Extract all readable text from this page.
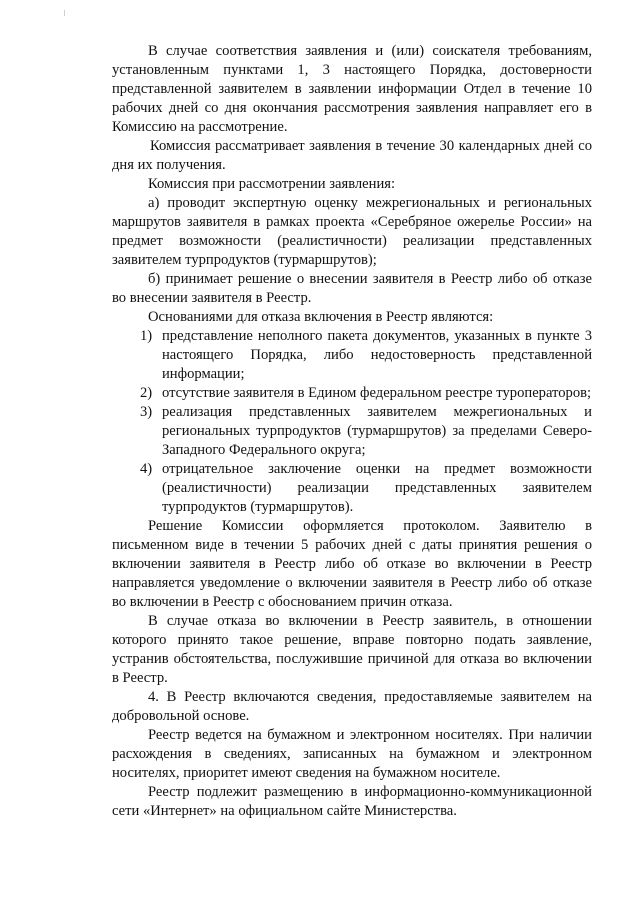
В случае соответствия заявления и (или) соискателя требованиям, установленным пунктами 1, 3 настоящего Порядка, достоверности представленной заявителем в заявлении информации Отдел в течение 10 рабочих дней со дня окончания рассмотрения заявления направляет его в Комиссию на рассмотрение.

Комиссия рассматривает заявления в течение 30 календарных дней со дня их получения.

Комиссия при рассмотрении заявления:

а) проводит экспертную оценку межрегиональных и региональных маршрутов заявителя в рамках проекта «Серебряное ожерелье России» на предмет возможности (реалистичности) реализации представленных заявителем турпродуктов (турмаршрутов);

б) принимает решение о внесении заявителя в Реестр либо об отказе во внесении заявителя в Реестр.

Основаниями для отказа включения в Реестр являются:

1) представление неполного пакета документов, указанных в пункте 3 настоящего Порядка, либо недостоверность представленной информации;
2) отсутствие заявителя в Едином федеральном реестре туроператоров;
3) реализация представленных заявителем межрегиональных и региональных турпродуктов (турмаршрутов) за пределами Северо-Западного Федерального округа;
4) отрицательное заключение оценки на предмет возможности (реалистичности) реализации представленных заявителем турпродуктов (турмаршрутов).

Решение Комиссии оформляется протоколом. Заявителю в письменном виде в течении 5 рабочих дней с даты принятия решения о включении заявителя в Реестр либо об отказе во включении в Реестр направляется уведомление о включении заявителя в Реестр либо об отказе во включении в Реестр с обоснованием причин отказа.

В случае отказа во включении в Реестр заявитель, в отношении которого принято такое решение, вправе повторно подать заявление, устранив обстоятельства, послужившие причиной для отказа во включении в Реестр.

4. В Реестр включаются сведения, предоставляемые заявителем на добровольной основе.

Реестр ведется на бумажном и электронном носителях. При наличии расхождения в сведениях, записанных на бумажном и электронном носителях, приоритет имеют сведения на бумажном носителе.

Реестр подлежит размещению в информационно-коммуникационной сети «Интернет» на официальном сайте Министерства.
